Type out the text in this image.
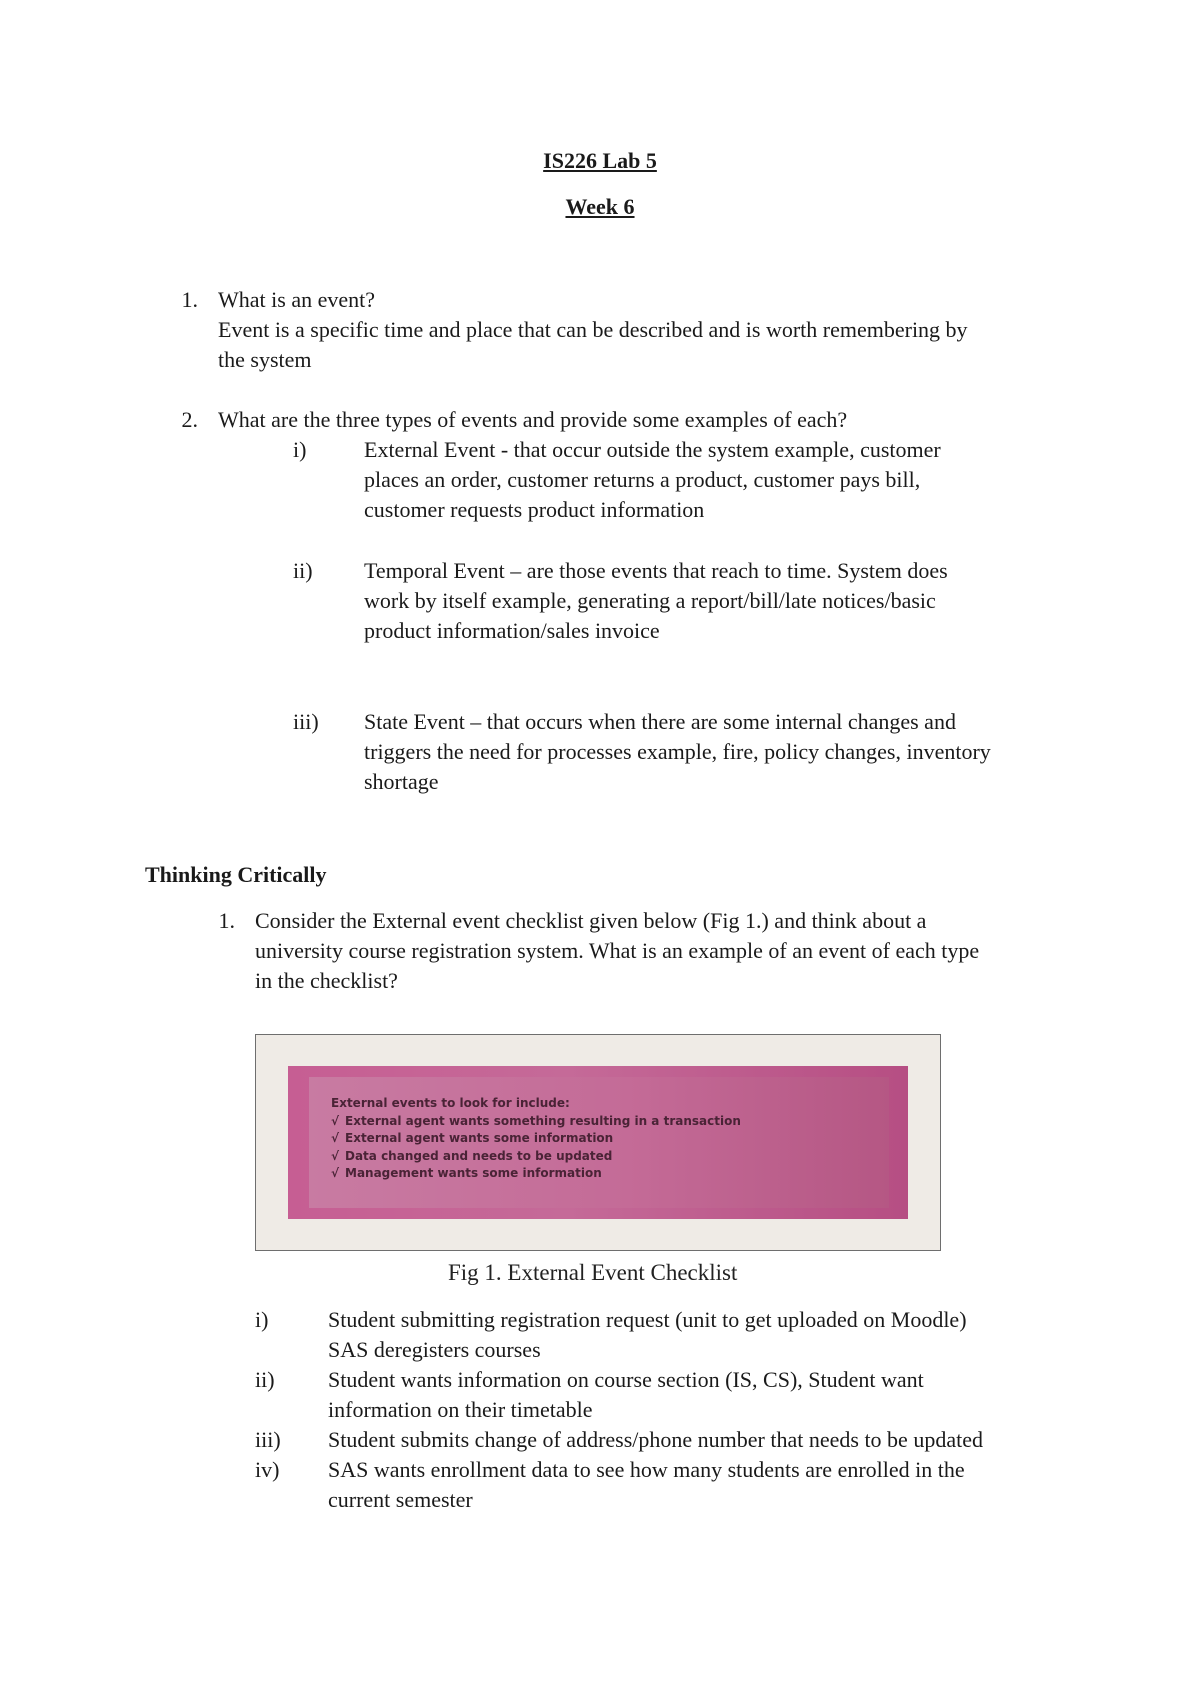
IS226 Lab 5
Week 6
1. What is an event?
Event is a specific time and place that can be described and is worth remembering by
the system
2. What are the three types of events and provide some examples of each?
i)	External Event - that occur outside the system example, customer
places an order, customer returns a product, customer pays bill,
customer requests product information
ii)	Temporal Event – are those events that reach to time. System does
work by itself example, generating a report/bill/late notices/basic
product information/sales invoice
iii)	State Event – that occurs when there are some internal changes and
triggers the need for processes example, fire, policy changes, inventory
shortage
Thinking Critically
1. Consider the External event checklist given below (Fig 1.) and think about a
university course registration system. What is an example of an event of each type
in the checklist?
External events to look for include:
√ External agent wants something resulting in a transaction
√ External agent wants some information
√ Data changed and needs to be updated
√ Management wants some information
Fig 1. External Event Checklist
i)	Student submitting registration request (unit to get uploaded on Moodle)
SAS deregisters courses
ii)	Student wants information on course section (IS, CS), Student want
information on their timetable
iii)	Student submits change of address/phone number that needs to be updated
iv)	SAS wants enrollment data to see how many students are enrolled in the
current semester
